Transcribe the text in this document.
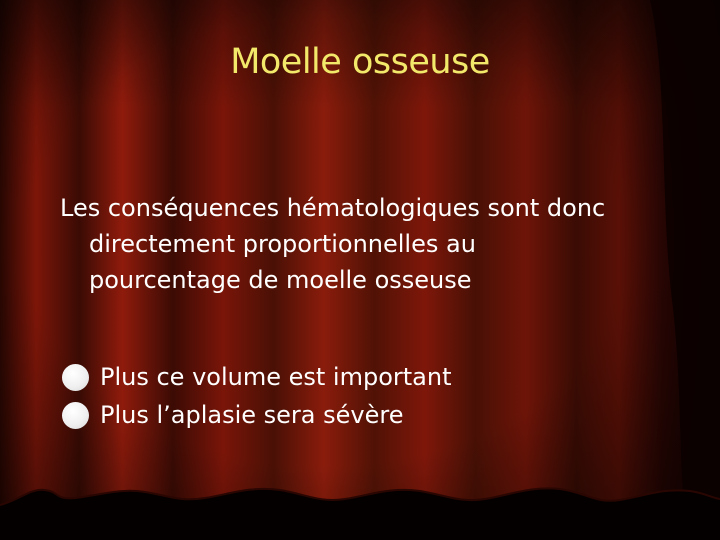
Moelle osseuse
Les conséquences hématologiques sont donc
directement proportionnelles au
pourcentage de moelle osseuse
Plus ce volume est important
Plus l’aplasie sera sévère
